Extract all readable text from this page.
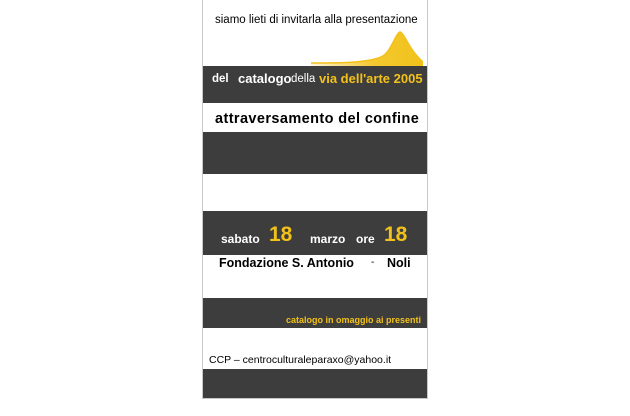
siamo lieti di invitarla alla presentazione
del catalogo della via dell'arte 2005
attraversamento del confine
sabato 18 marzo ore 18
Fondazione S. Antonio - Noli
catalogo in omaggio ai presenti
CCP – centroculturaleparaxo@yahoo.it
